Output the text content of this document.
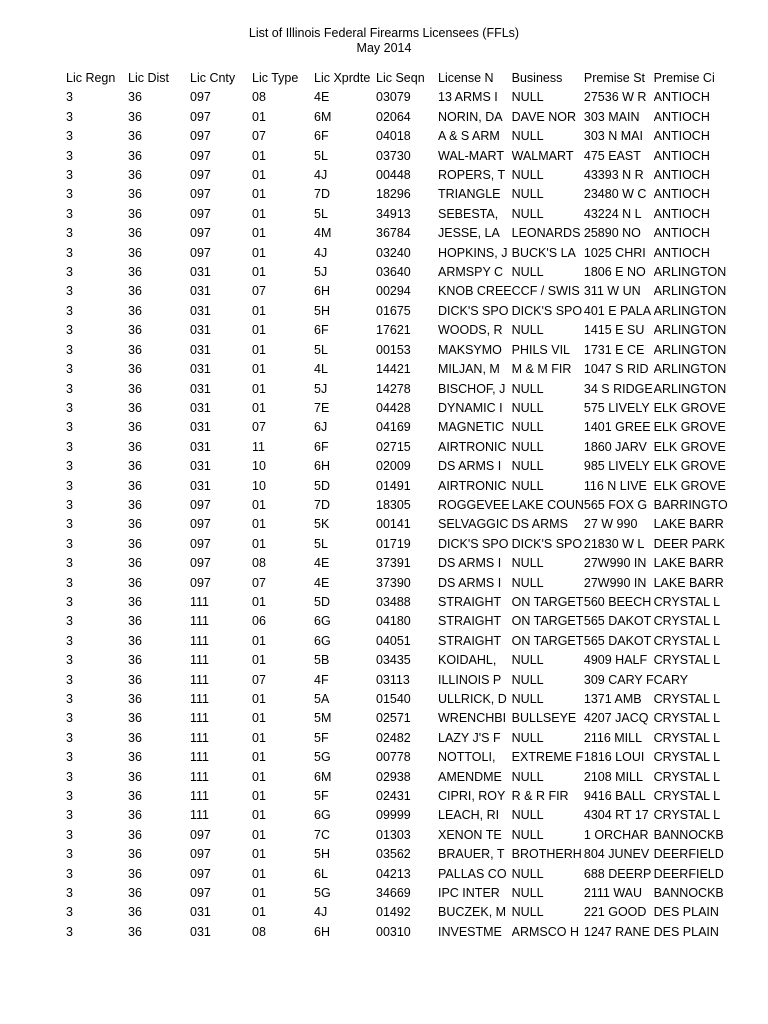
List of Illinois Federal Firearms Licensees (FFLs)
May 2014
Lic Regn	Lic Dist	Lic Cnty	Lic Type	Lic Xprdte	Lic Seqn	License N	Business	Premise St	Premise Ci
3	36	097	08	4E	03079	13 ARMS I	NULL	27536 W R	ANTIOCH
3	36	097	01	6M	02064	NORIN, DA	DAVE NOR	303 MAIN	ANTIOCH
3	36	097	07	6F	04018	A & S ARM	NULL	303 N MAI	ANTIOCH
3	36	097	01	5L	03730	WAL-MART	WALMART	475 EAST	ANTIOCH
3	36	097	01	4J	00448	ROPERS, T	NULL	43393 N R	ANTIOCH
3	36	097	01	7D	18296	TRIANGLE	NULL	23480 W C	ANTIOCH
3	36	097	01	5L	34913	SEBESTA,	NULL	43224 N L	ANTIOCH
3	36	097	01	4M	36784	JESSE, LA	LEONARDS	25890 NO	ANTIOCH
3	36	097	01	4J	03240	HOPKINS, J	BUCK'S LA	1025 CHRI	ANTIOCH
3	36	031	01	5J	03640	ARMSPY C	NULL	1806 E NO	ARLINGTON
3	36	031	07	6H	00294	KNOB CREE	CCF / SWIS	311 W UN	ARLINGTON
3	36	031	01	5H	01675	DICK'S SPO	DICK'S SPO	401 E PALA	ARLINGTON
3	36	031	01	6F	17621	WOODS, R	NULL	1415 E SU	ARLINGTON
3	36	031	01	5L	00153	MAKSYMO	PHILS VIL	1731 E CE	ARLINGTON
3	36	031	01	4L	14421	MILJAN, M	M & M FIR	1047 S RID	ARLINGTON
3	36	031	01	5J	14278	BISCHOF, J	NULL	34 S RIDGE	ARLINGTON
3	36	031	01	7E	04428	DYNAMIC I	NULL	575 LIVELY	ELK GROVE
3	36	031	07	6J	04169	MAGNETIC	NULL	1401 GREE	ELK GROVE
3	36	031	11	6F	02715	AIRTRONIC	NULL	1860 JARV	ELK GROVE
3	36	031	10	6H	02009	DS ARMS I	NULL	985 LIVELY	ELK GROVE
3	36	031	10	5D	01491	AIRTRONIC	NULL	116 N LIVE	ELK GROVE
3	36	097	01	7D	18305	ROGGEVEE	LAKE COUN	565 FOX G	BARRINGTO
3	36	097	01	5K	00141	SELVAGGIC	DS ARMS	27 W 990	LAKE BARR
3	36	097	01	5L	01719	DICK'S SPO	DICK'S SPO	21830 W L	DEER PARK
3	36	097	08	4E	37391	DS ARMS I	NULL	27W990 IN	LAKE BARR
3	36	097	07	4E	37390	DS ARMS I	NULL	27W990 IN	LAKE BARR
3	36	111	01	5D	03488	STRAIGHT	ON TARGET	560 BEECH	CRYSTAL L
3	36	111	06	6G	04180	STRAIGHT	ON TARGET	565 DAKOT	CRYSTAL L
3	36	111	01	6G	04051	STRAIGHT	ON TARGET	565 DAKOT	CRYSTAL L
3	36	111	01	5B	03435	KOIDAHL,	NULL	4909 HALF	CRYSTAL L
3	36	111	07	4F	03113	ILLINOIS P	NULL	309 CARY F	CARY
3	36	111	01	5A	01540	ULLRICK, D	NULL	1371 AMB	CRYSTAL L
3	36	111	01	5M	02571	WRENCHBI	BULLSEYE	4207 JACQ	CRYSTAL L
3	36	111	01	5F	02482	LAZY J'S F	NULL	2116 MILL	CRYSTAL L
3	36	111	01	5G	00778	NOTTOLI,	EXTREME F	1816 LOUI	CRYSTAL L
3	36	111	01	6M	02938	AMENDME	NULL	2108 MILL	CRYSTAL L
3	36	111	01	5F	02431	CIPRI, ROY	R & R FIR	9416 BALL	CRYSTAL L
3	36	111	01	6G	09999	LEACH, RI	NULL	4304 RT 17	CRYSTAL L
3	36	097	01	7C	01303	XENON TE	NULL	1 ORCHAR	BANNOCKB
3	36	097	01	5H	03562	BRAUER, T	BROTHERH	804 JUNEV	DEERFIELD
3	36	097	01	6L	04213	PALLAS CO	NULL	688 DEERP	DEERFIELD
3	36	097	01	5G	34669	IPC INTER	NULL	2111 WAU	BANNOCKB
3	36	031	01	4J	01492	BUCZEK, M	NULL	221 GOOD	DES PLAIN
3	36	031	08	6H	00310	INVESTME	ARMSCO H	1247 RANE	DES PLAIN
